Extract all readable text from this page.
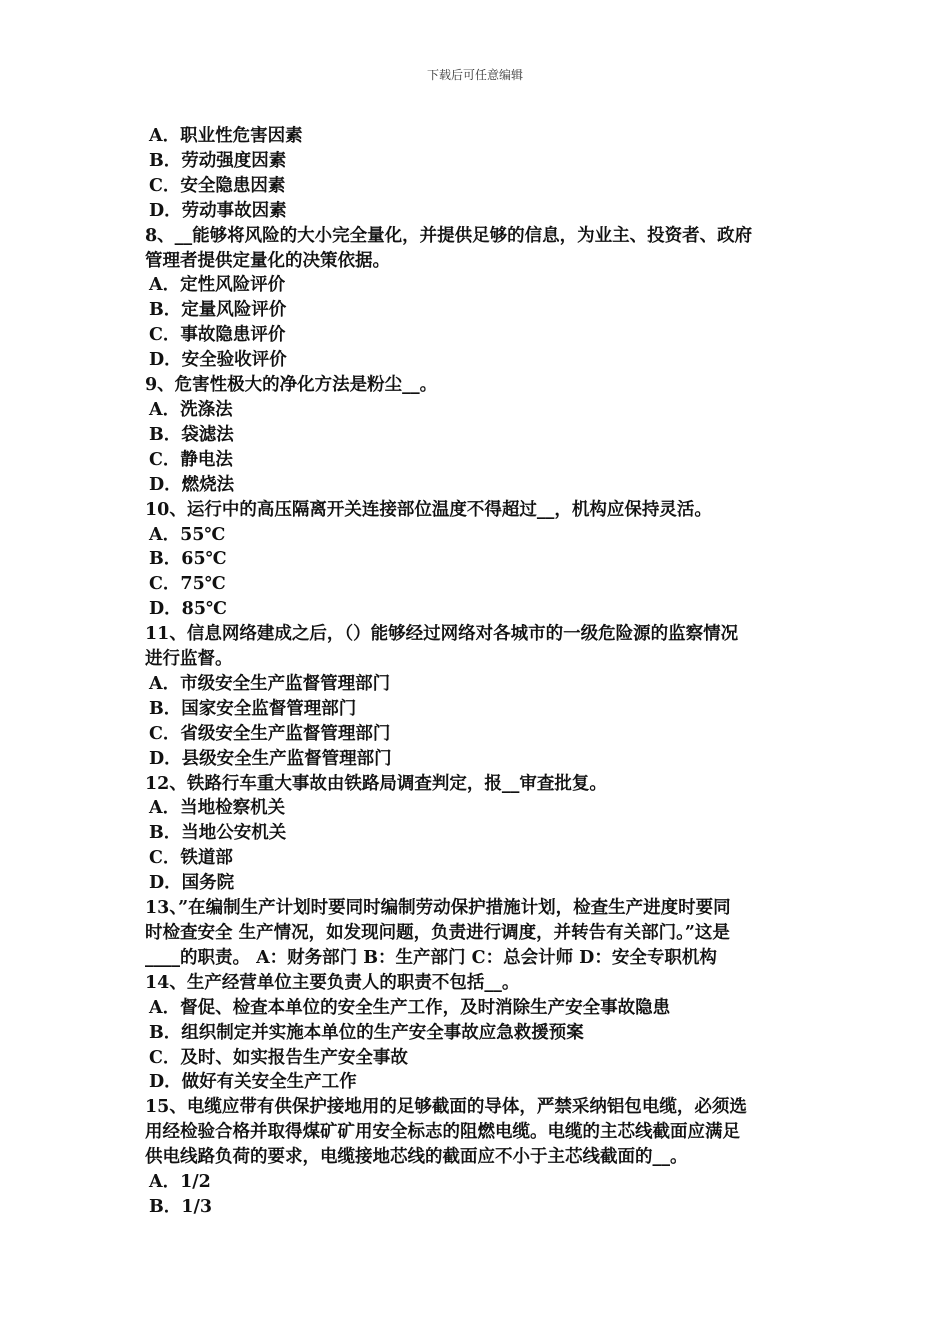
下载后可任意编辑
A．职业性危害因素
B．劳动强度因素
C．安全隐患因素
D．劳动事故因素
8、__能够将风险的大小完全量化，并提供足够的信息，为业主、投资者、政府
管理者提供定量化的决策依据。
A．定性风险评价
B．定量风险评价
C．事故隐患评价
D．安全验收评价
9、危害性极大的净化方法是粉尘__。
A．洗涤法
B．袋滤法
C．静电法
D．燃烧法
10、运行中的高压隔离开关连接部位温度不得超过__，机构应保持灵活。
A．55℃
B．65℃
C．75℃
D．85℃
11、信息网络建成之后，（）能够经过网络对各城市的一级危险源的监察情况
进行监督。
A．市级安全生产监督管理部门
B．国家安全监督管理部门
C．省级安全生产监督管理部门
D．县级安全生产监督管理部门
12、铁路行车重大事故由铁路局调查判定，报__审查批复。
A．当地检察机关
B．当地公安机关
C．铁道部
D．国务院
13、”在编制生产计划时要同时编制劳动保护措施计划，检查生产进度时要同
时检查安全 生产情况，如发现问题，负责进行调度，并转告有关部门。”这是
____的职责。 A：财务部门 B：生产部门 C：总会计师 D：安全专职机构
14、生产经营单位主要负责人的职责不包括__。
A．督促、检查本单位的安全生产工作，及时消除生产安全事故隐患
B．组织制定并实施本单位的生产安全事故应急救援预案
C．及时、如实报告生产安全事故
D．做好有关安全生产工作
15、电缆应带有供保护接地用的足够截面的导体，严禁采纳铝包电缆，必须选
用经检验合格并取得煤矿矿用安全标志的阻燃电缆。电缆的主芯线截面应满足
供电线路负荷的要求，电缆接地芯线的截面应不小于主芯线截面的__。
A．1/2
B．1/3
